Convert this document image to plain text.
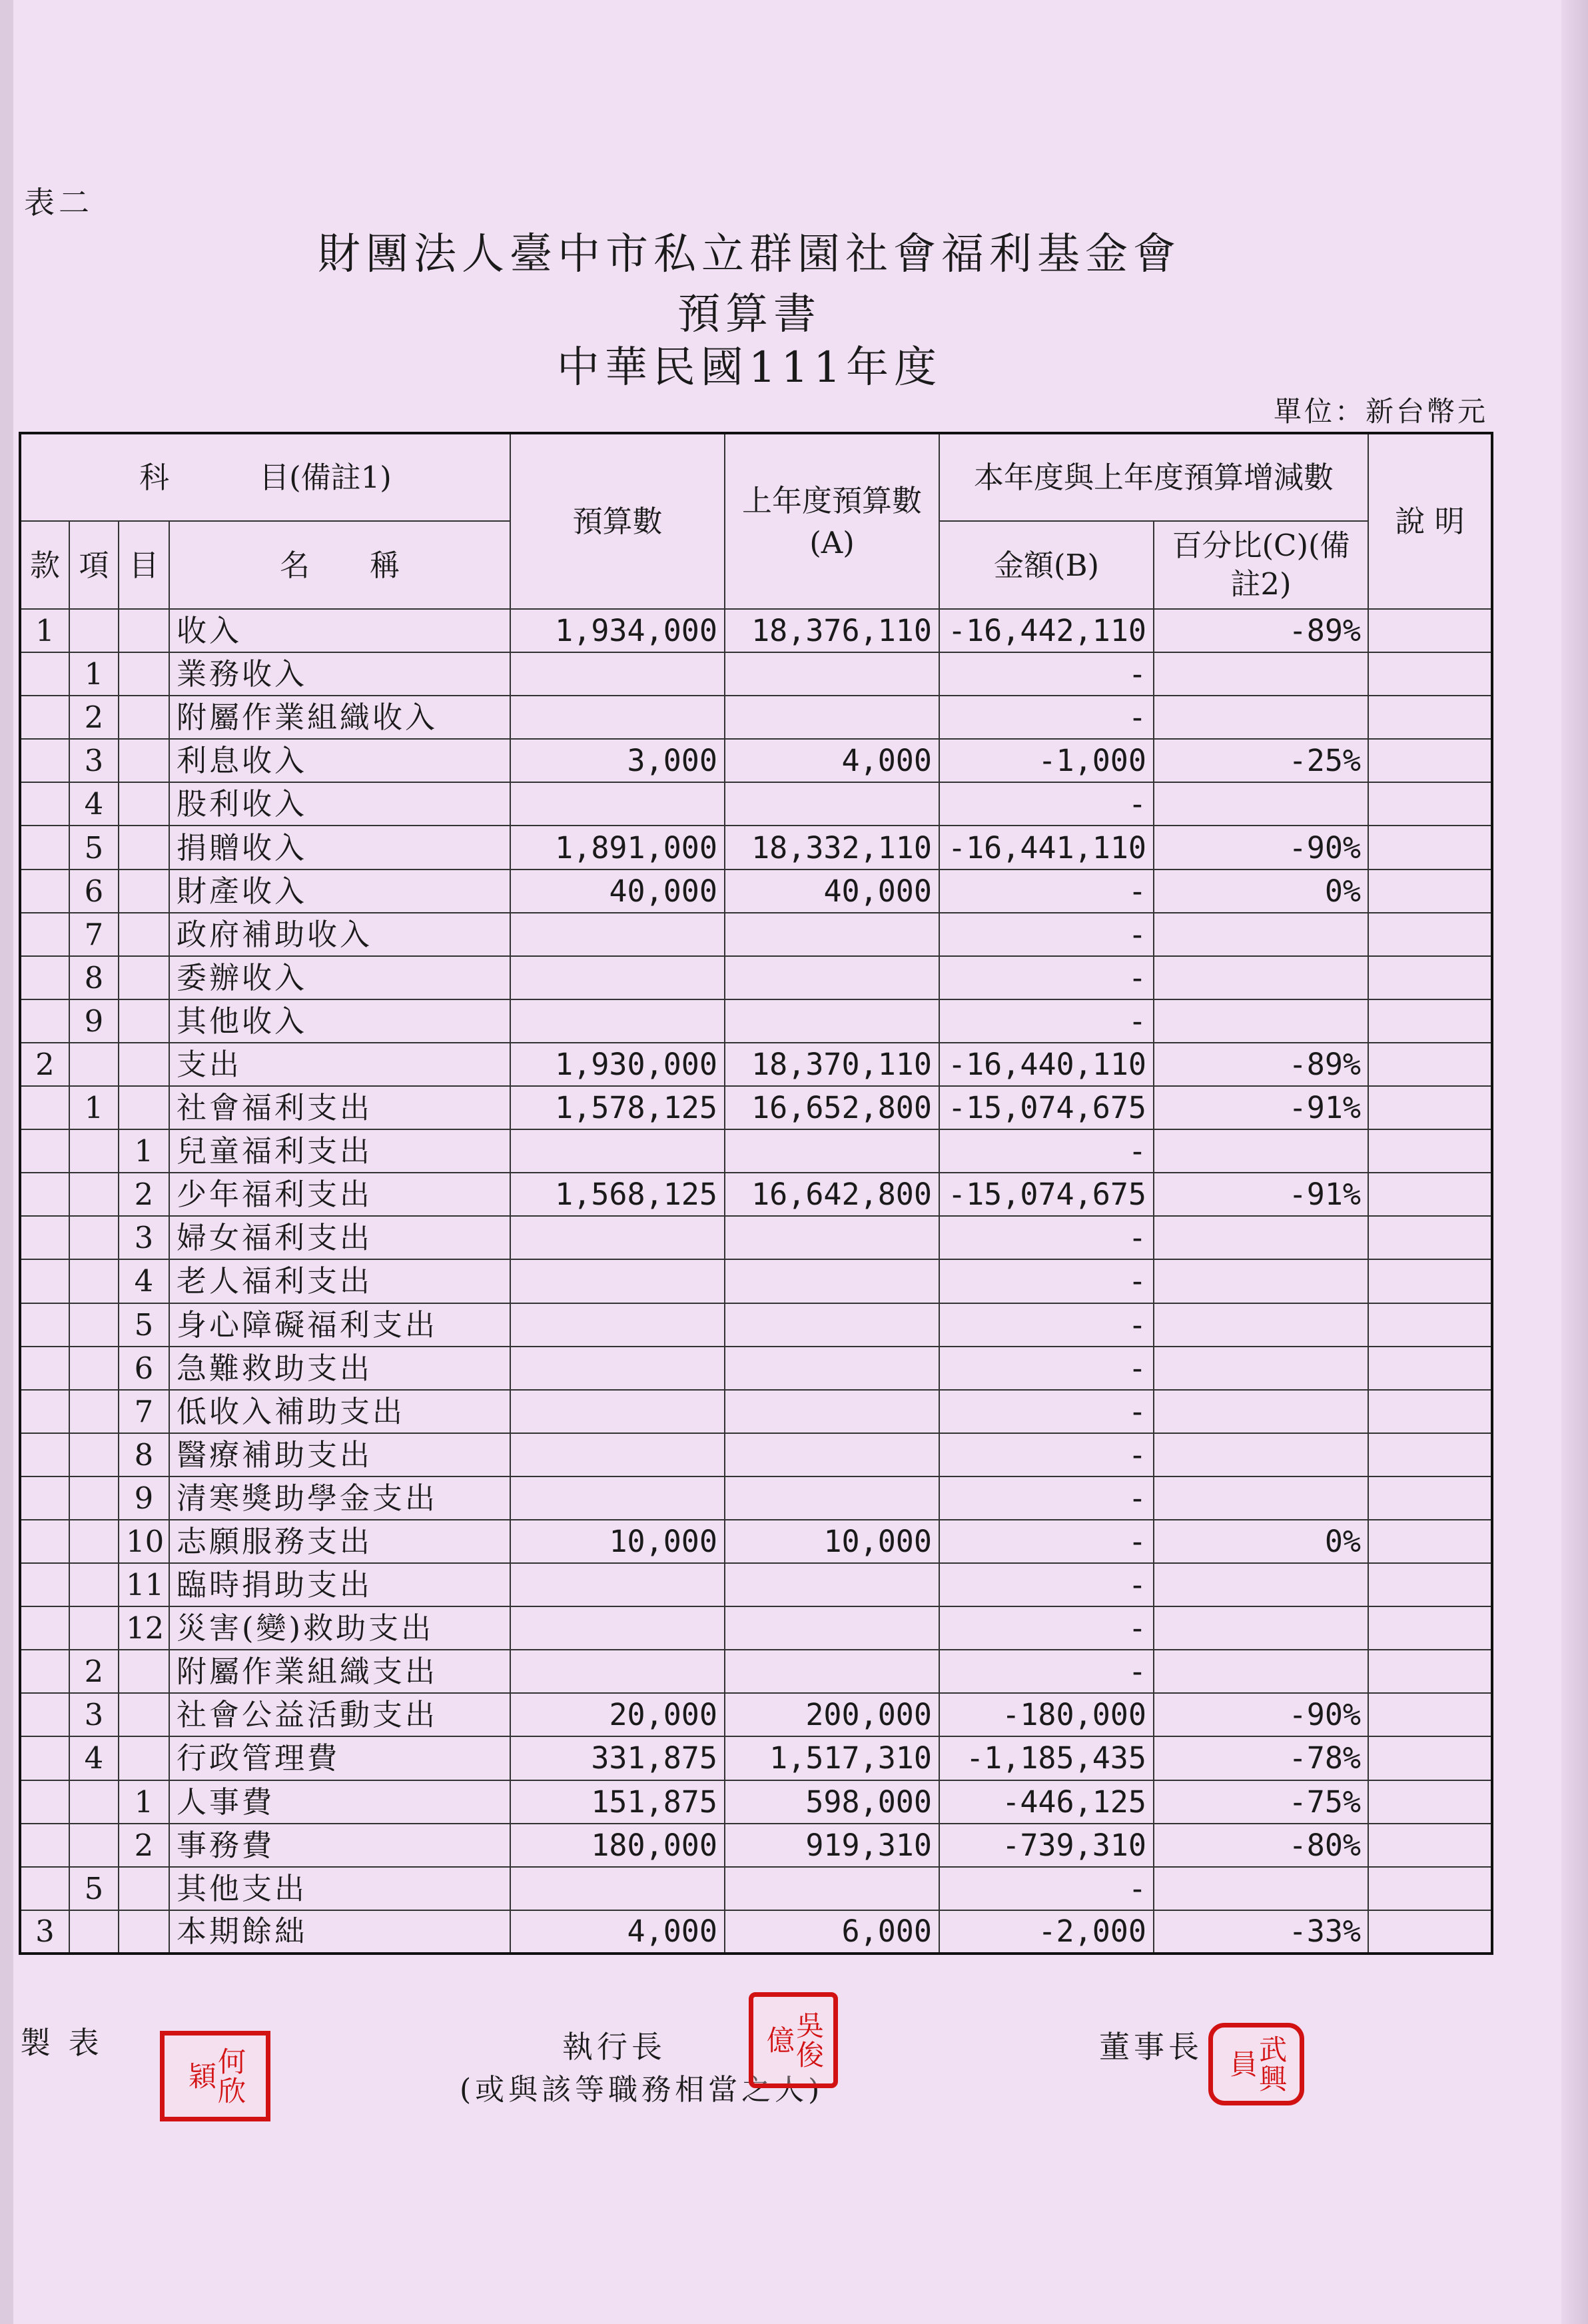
表二
財團法人臺中市私立群園社會福利基金會
預算書
中華民國111年度
單位：新台幣元
科　　　目(備註1)				預算數	上年度預算數(A)	本年度與上年度預算增減數		說 明
款	項	目	名　　稱			金額(B)	百分比(C)(備註2)	
1			收入	1,934,000	18,376,110	-16,442,110	-89%	
	1		業務收入			-		
	2		附屬作業組織收入			-		
	3		利息收入	3,000	4,000	-1,000	-25%	
	4		股利收入			-		
	5		捐贈收入	1,891,000	18,332,110	-16,441,110	-90%	
	6		財產收入	40,000	40,000	-	0%	
	7		政府補助收入			-		
	8		委辦收入			-		
	9		其他收入			-		
2			支出	1,930,000	18,370,110	-16,440,110	-89%	
	1		社會福利支出	1,578,125	16,652,800	-15,074,675	-91%	
		1	兒童福利支出			-		
		2	少年福利支出	1,568,125	16,642,800	-15,074,675	-91%	
		3	婦女福利支出			-		
		4	老人福利支出			-		
		5	身心障礙福利支出			-		
		6	急難救助支出			-		
		7	低收入補助支出			-		
		8	醫療補助支出			-		
		9	清寒獎助學金支出			-		
		10	志願服務支出	10,000	10,000	-	0%	
		11	臨時捐助支出			-		
		12	災害(變)救助支出			-		
	2		附屬作業組織支出			-		
	3		社會公益活動支出	20,000	200,000	-180,000	-90%	
	4		行政管理費	331,875	1,517,310	-1,185,435	-78%	
		1	人事費	151,875	598,000	-446,125	-75%	
		2	事務費	180,000	919,310	-739,310	-80%	
	5		其他支出			-		
3			本期餘絀	4,000	6,000	-2,000	-33%	
製 表
何欣穎
執行長
(或與該等職務相當之人)
吳俊億	董事長	武興員
